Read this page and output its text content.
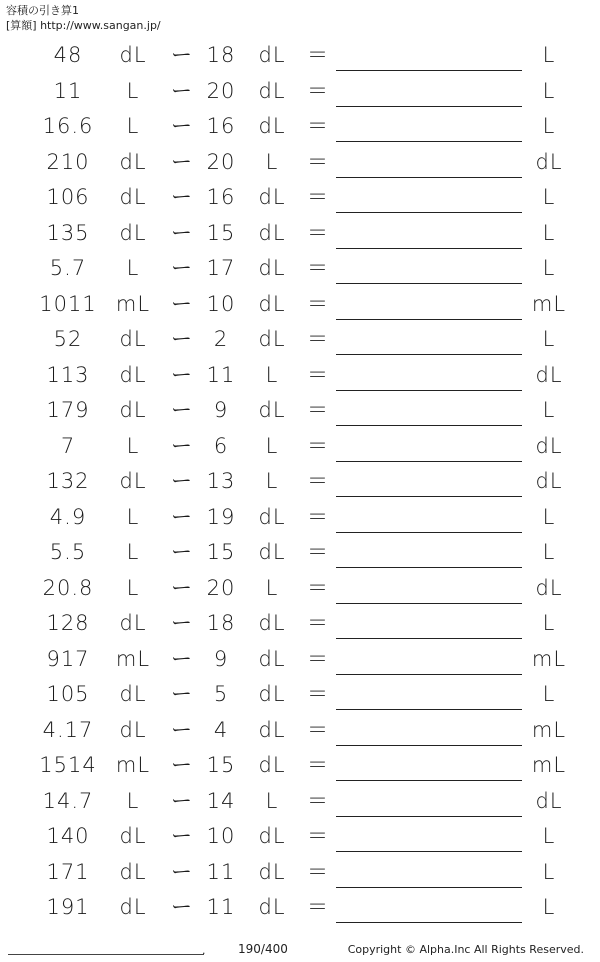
容積の引き算1
[算額] http://www.sangan.jp/
48	dL	ー 18	dL	＝	L
11	L	ー 20	dL	＝	L
16.6	L	ー 16	dL	＝	L
210	dL	ー 20	L	＝	dL
106	dL	ー 16	dL	＝	L
135	dL	ー 15	dL	＝	L
5.7	L	ー 17	dL	＝	L
1011 mL ー 10	dL	＝	mL
52	dL	ー 2	dL	＝	L
113	dL	ー 11	L	＝	dL
179	dL	ー 9	dL	＝	L
7	L	ー 6	L	＝	dL
132	dL	ー 13	L	＝	dL
4.9	L	ー 19	dL	＝	L
5.5	L	ー 15	dL	＝	L
20.8	L	ー 20	L	＝	dL
128	dL	ー 18	dL	＝	L
917	mL ー 9	dL	＝	mL
105	dL	ー 5	dL	＝	L
4.17	dL	ー 4	dL	＝	mL
1514 mL ー 15	dL	＝	mL
14.7	L	ー 14	L	＝	dL
140	dL	ー 10	dL	＝	L
171	dL	ー 11	dL	＝	L
191	dL	ー 11	dL	＝	L
.	190/400	Copyright © Alpha.Inc All Rights Reserved.
